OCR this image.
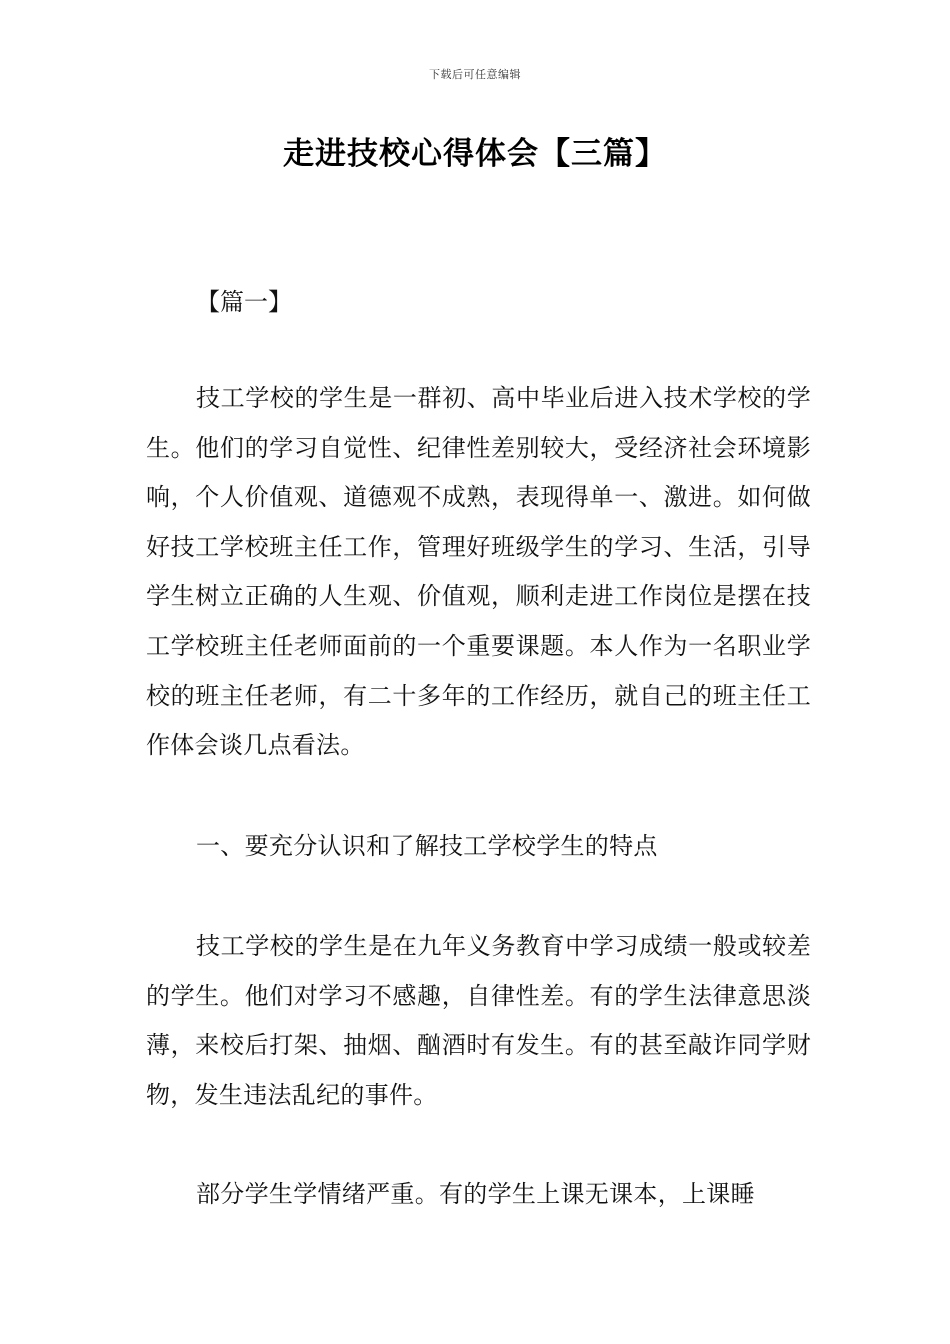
下载后可任意编辑
走进技校心得体会【三篇】

【篇一】

技工学校的学生是一群初、高中毕业后进入技术学校的学生。他们的学习自觉性、纪律性差别较大，受经济社会环境影响，个人价值观、道德观不成熟，表现得单一、激进。如何做好技工学校班主任工作，管理好班级学生的学习、生活，引导学生树立正确的人生观、价值观，顺利走进工作岗位是摆在技工学校班主任老师面前的一个重要课题。本人作为一名职业学校的班主任老师，有二十多年的工作经历，就自己的班主任工作体会谈几点看法。

一、要充分认识和了解技工学校学生的特点

技工学校的学生是在九年义务教育中学习成绩一般或较差的学生。他们对学习不感趣，自律性差。有的学生法律意思淡薄，来校后打架、抽烟、酗酒时有发生。有的甚至敲诈同学财物，发生违法乱纪的事件。

部分学生学情绪严重。有的学生上课无课本，上课睡
